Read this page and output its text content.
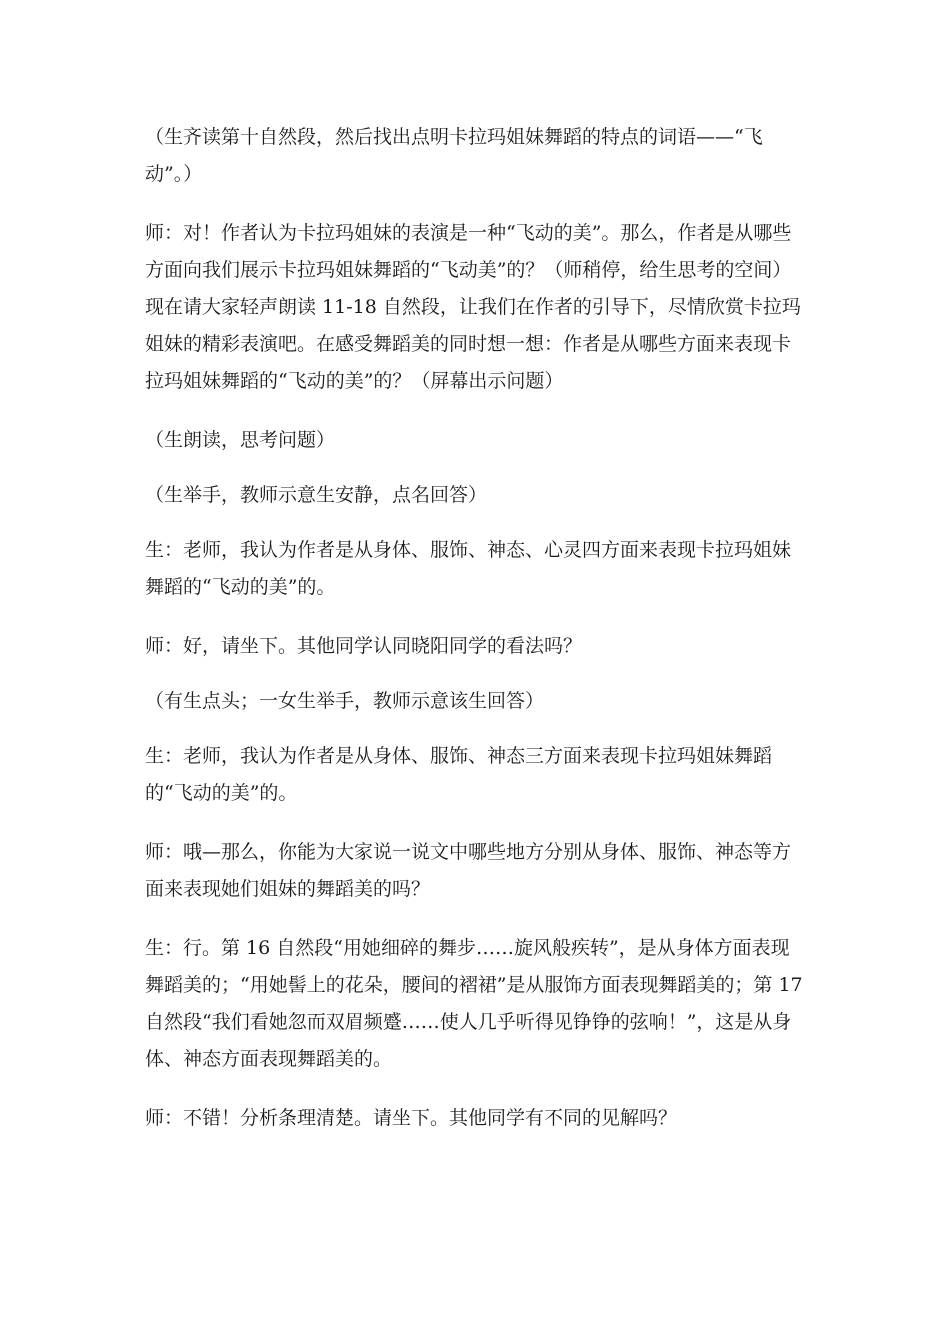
（生齐读第十自然段，然后找出点明卡拉玛姐妹舞蹈的特点的词语——“飞动”。）

师：对！作者认为卡拉玛姐妹的表演是一种“飞动的美”。那么，作者是从哪些方面向我们展示卡拉玛姐妹舞蹈的“飞动美”的？（师稍停，给生思考的空间）现在请大家轻声朗读 11-18 自然段，让我们在作者的引导下，尽情欣赏卡拉玛姐妹的精彩表演吧。在感受舞蹈美的同时想一想：作者是从哪些方面来表现卡拉玛姐妹舞蹈的“飞动的美”的？（屏幕出示问题）

（生朗读，思考问题）

（生举手，教师示意生安静，点名回答）

生：老师，我认为作者是从身体、服饰、神态、心灵四方面来表现卡拉玛姐妹舞蹈的“飞动的美”的。

师：好，请坐下。其他同学认同晓阳同学的看法吗？

（有生点头；一女生举手，教师示意该生回答）

生：老师，我认为作者是从身体、服饰、神态三方面来表现卡拉玛姐妹舞蹈的“飞动的美”的。

师：哦—那么，你能为大家说一说文中哪些地方分别从身体、服饰、神态等方面来表现她们姐妹的舞蹈美的吗？

生：行。第 16 自然段“用她细碎的舞步……旋风般疾转”，是从身体方面表现舞蹈美的；“用她髻上的花朵，腰间的褶裙”是从服饰方面表现舞蹈美的；第 17 自然段“我们看她忽而双眉频蹙……使人几乎听得见铮铮的弦响！”，这是从身体、神态方面表现舞蹈美的。

师：不错！分析条理清楚。请坐下。其他同学有不同的见解吗？
